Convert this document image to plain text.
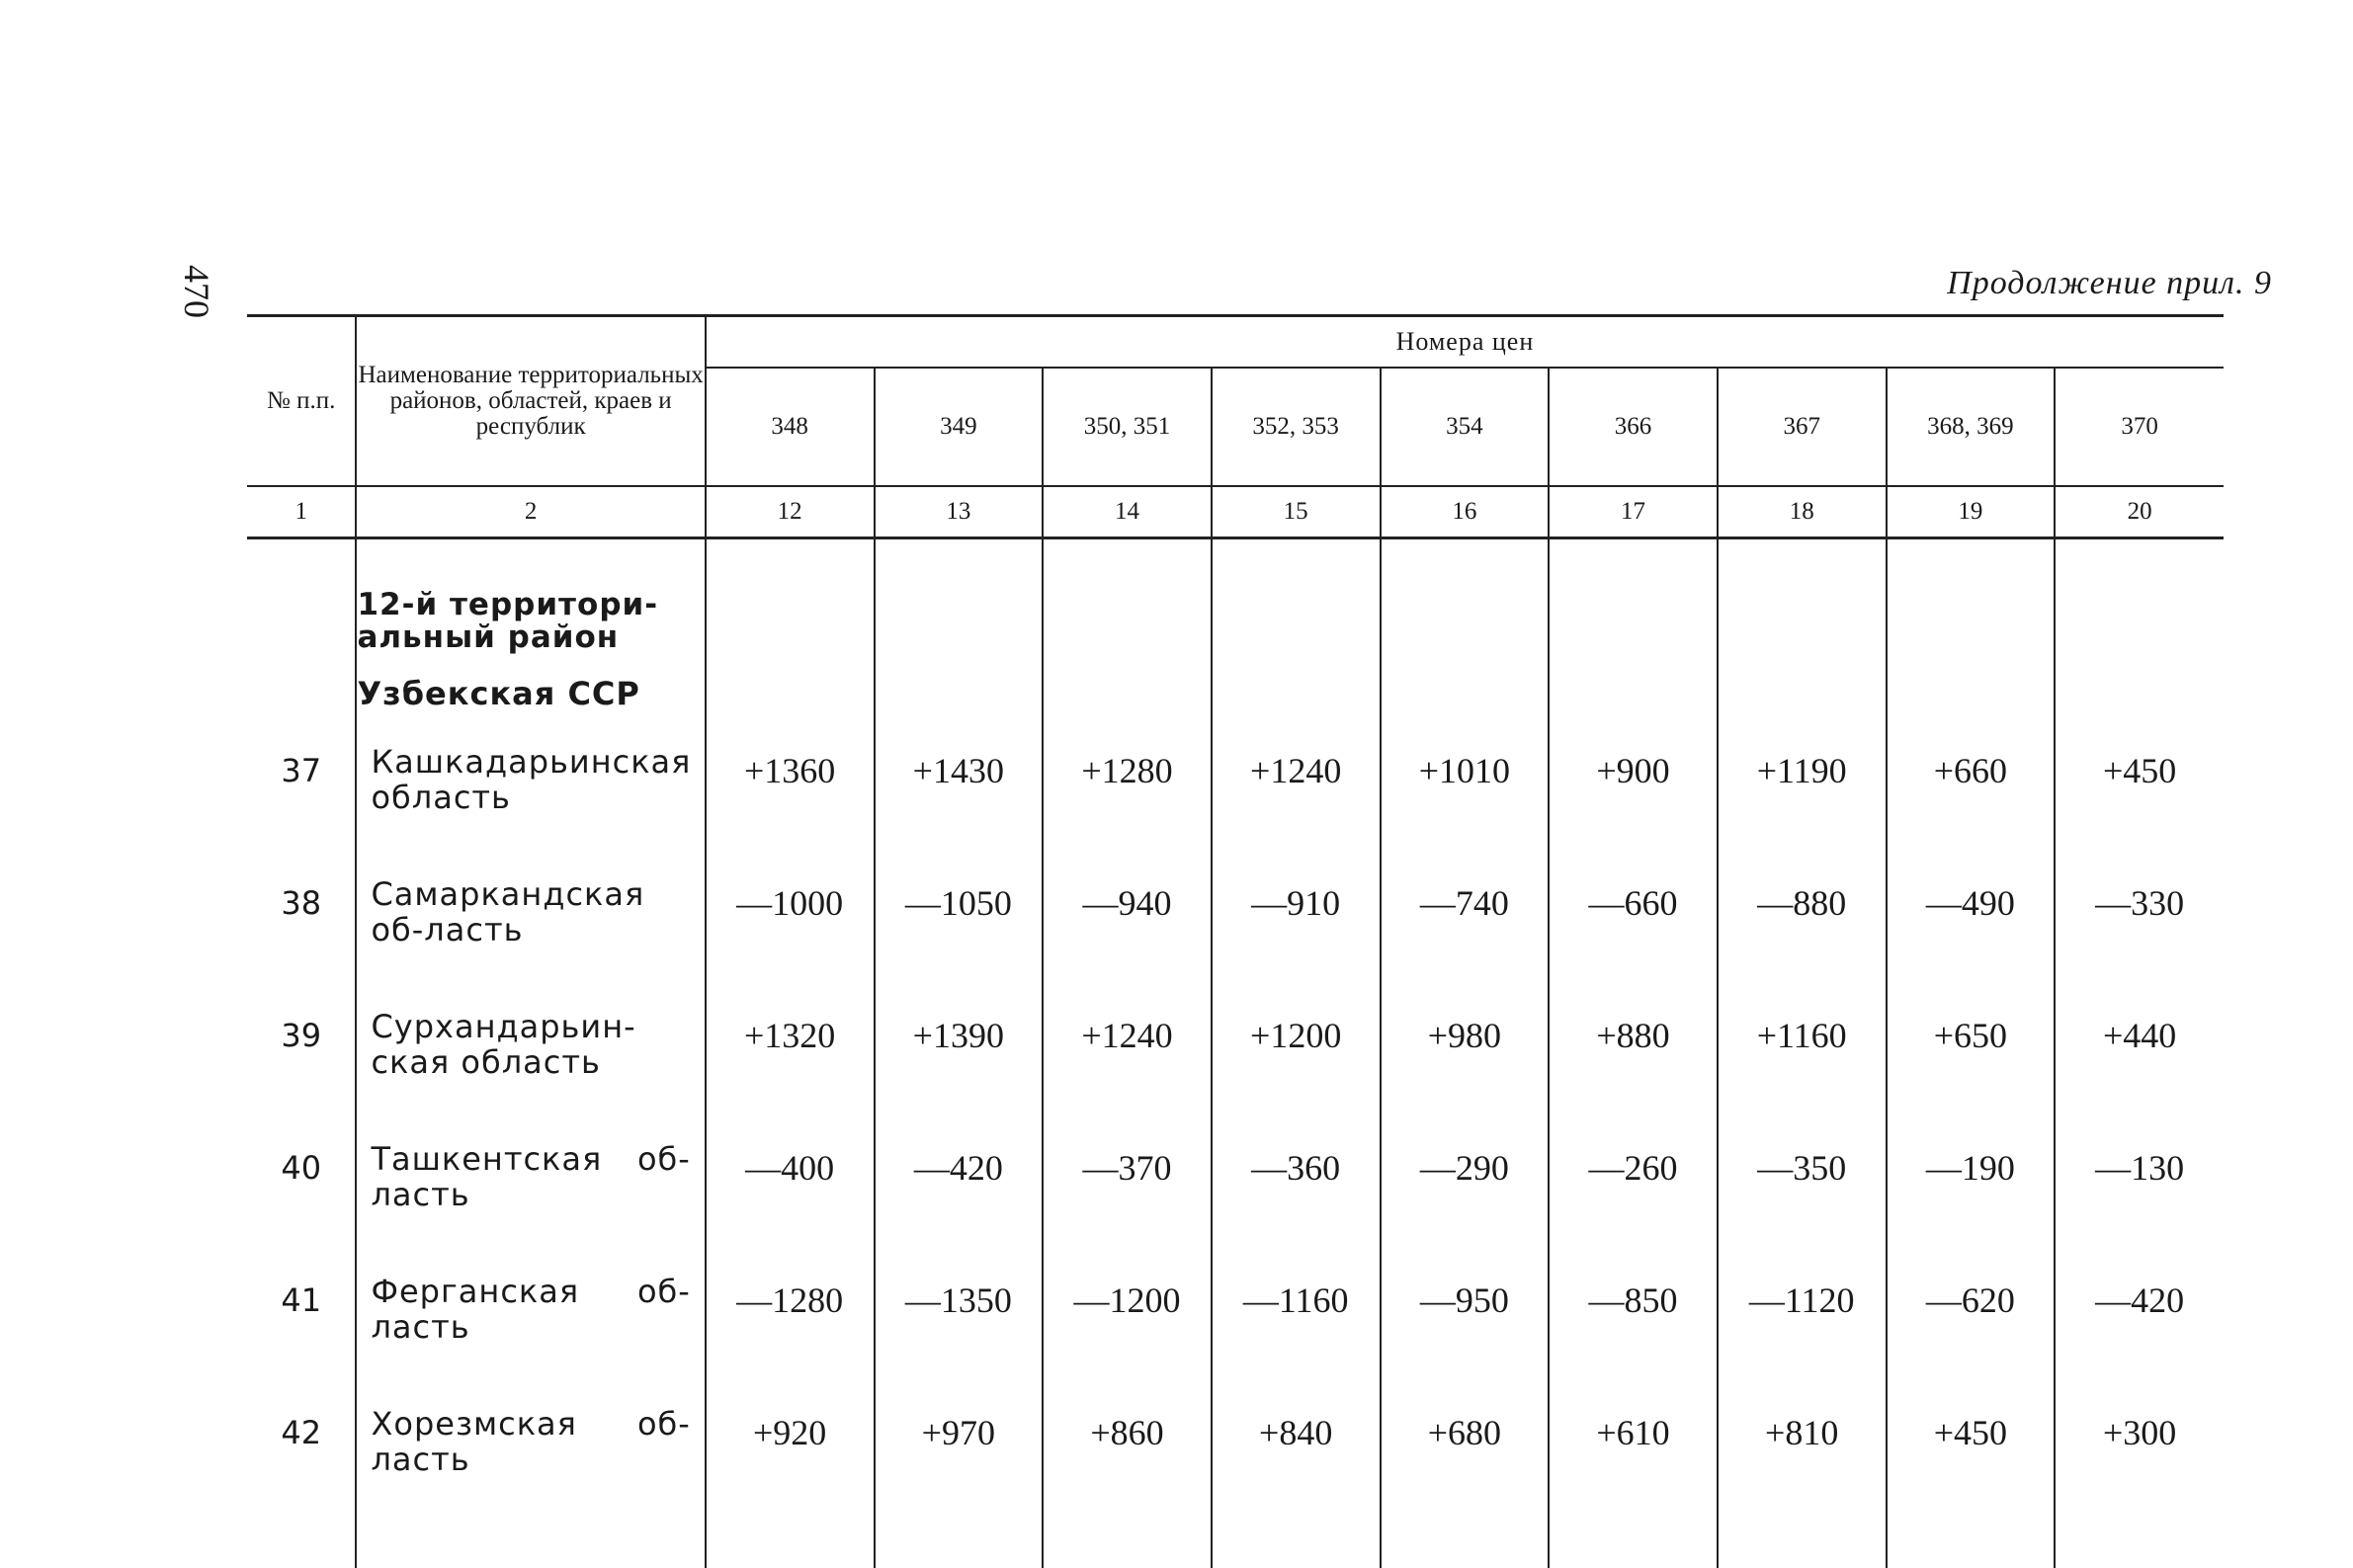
470	Продолжение прил. 9
№ п.п.	Наименование территориальных районов, областей, краев и республик	Номера цен								
		348	349	350, 351	352, 353	354	366	367	368, 369	370
1	2	12	13	14	15	16	17	18	19	20

	12-й территори-альный район									
	Узбекская ССР									
37	Кашкадарьинская область	+1360	+1430	+1280	+1240	+1010	+900	+1190	+660	+450
38	Самаркандская об-ласть	—1000	—1050	—940	—910	—740	—660	—880	—490	—330
39	Сурхандарьин-ская область	+1320	+1390	+1240	+1200	+980	+880	+1160	+650	+440
40	Ташкентская об-ласть	—400	—420	—370	—360	—290	—260	—350	—190	—130
41	Ферганская об-ласть	—1280	—1350	—1200	—1160	—950	—850	—1120	—620	—420
42	Хорезмская об-ласть	+920	+970	+860	+840	+680	+610	+810	+450	+300
